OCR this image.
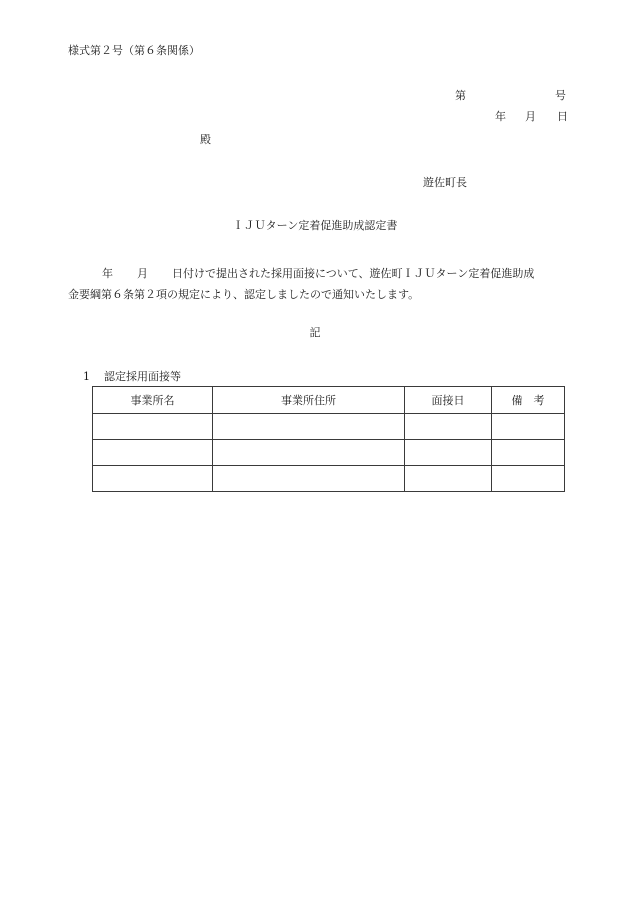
様式第２号（第６条関係）
第	号
年 月 日
殿
遊佐町長
ＩＪＵターン定着促進助成認定書
年 月 日付けで提出された採用面接について、遊佐町ＩＪＵターン定着促進助成
金要綱第６条第２項の規定により、認定しましたので通知いたします。
記
1 認定採用面接等
事業所名	事業所住所	面接日	備　考
